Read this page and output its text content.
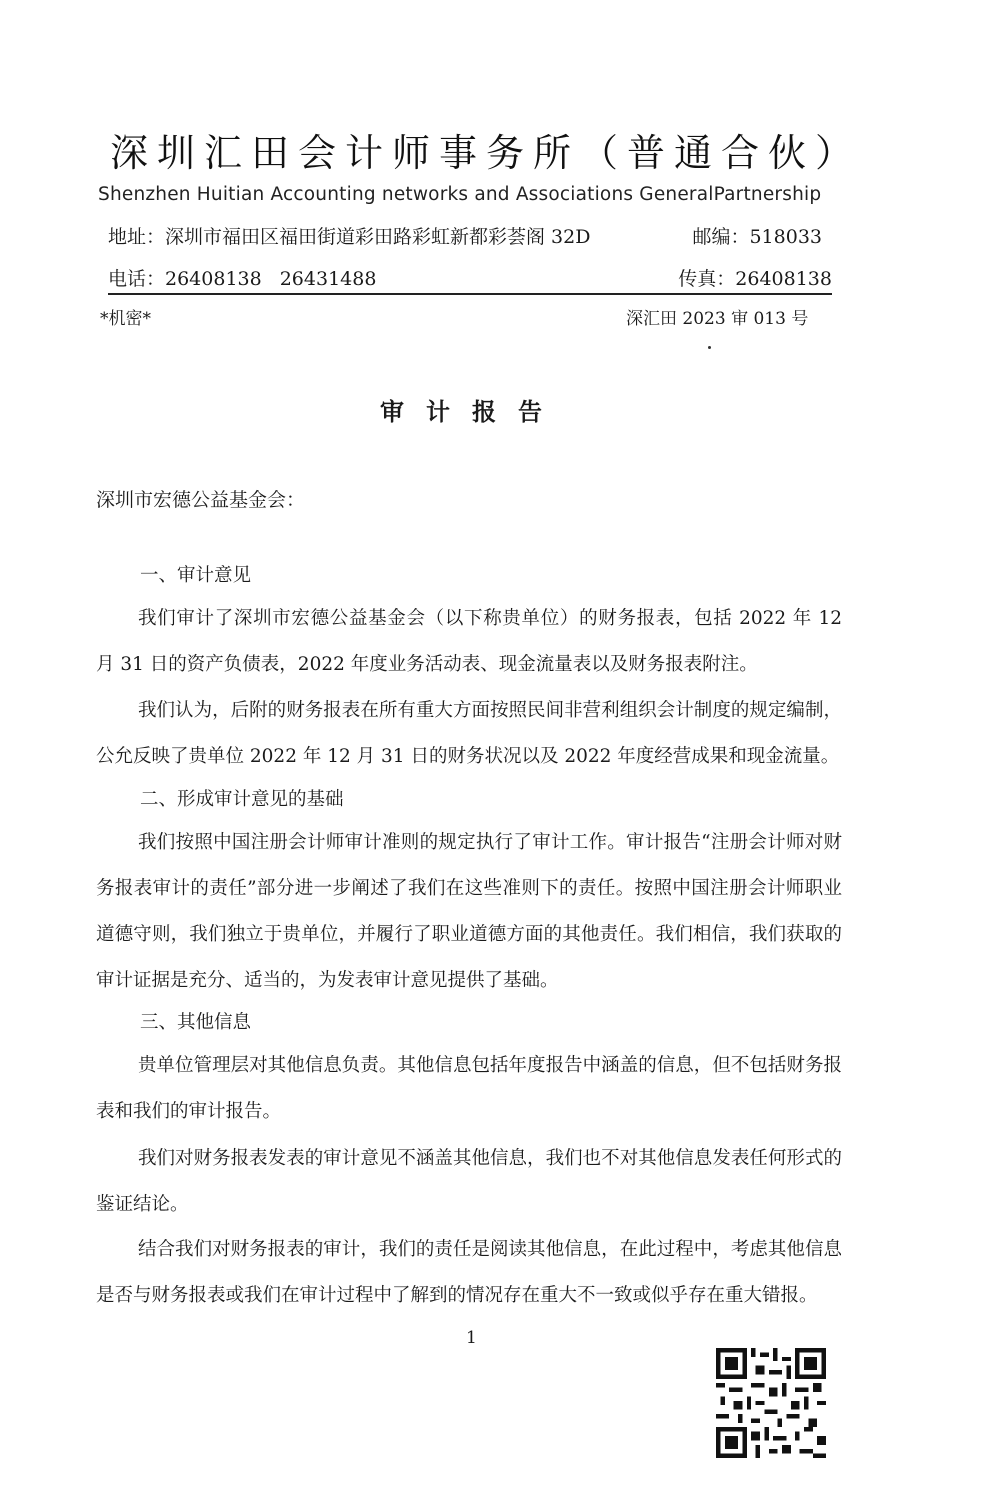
深圳汇田会计师事务所（普通合伙）
Shenzhen Huitian Accounting networks and Associations GeneralPartnership
地址：深圳市福田区福田街道彩田路彩虹新都彩荟阁 32D	邮编：518033
电话：26408138 26431488	传真：26408138
*机密*	深汇田 2023 审 013 号
审计报告
深圳市宏德公益基金会：
一、审计意见
我们审计了深圳市宏德公益基金会（以下称贵单位）的财务报表，包括 2022 年 12 月 31 日的资产负债表，2022 年度业务活动表、现金流量表以及财务报表附注。
我们认为，后附的财务报表在所有重大方面按照民间非营利组织会计制度的规定编制，公允反映了贵单位 2022 年 12 月 31 日的财务状况以及 2022 年度经营成果和现金流量。
二、形成审计意见的基础
我们按照中国注册会计师审计准则的规定执行了审计工作。审计报告“注册会计师对财务报表审计的责任”部分进一步阐述了我们在这些准则下的责任。按照中国注册会计师职业道德守则，我们独立于贵单位，并履行了职业道德方面的其他责任。我们相信，我们获取的审计证据是充分、适当的，为发表审计意见提供了基础。
三、其他信息
贵单位管理层对其他信息负责。其他信息包括年度报告中涵盖的信息，但不包括财务报表和我们的审计报告。
我们对财务报表发表的审计意见不涵盖其他信息，我们也不对其他信息发表任何形式的鉴证结论。
结合我们对财务报表的审计，我们的责任是阅读其他信息，在此过程中，考虑其他信息是否与财务报表或我们在审计过程中了解到的情况存在重大不一致或似乎存在重大错报。
1
